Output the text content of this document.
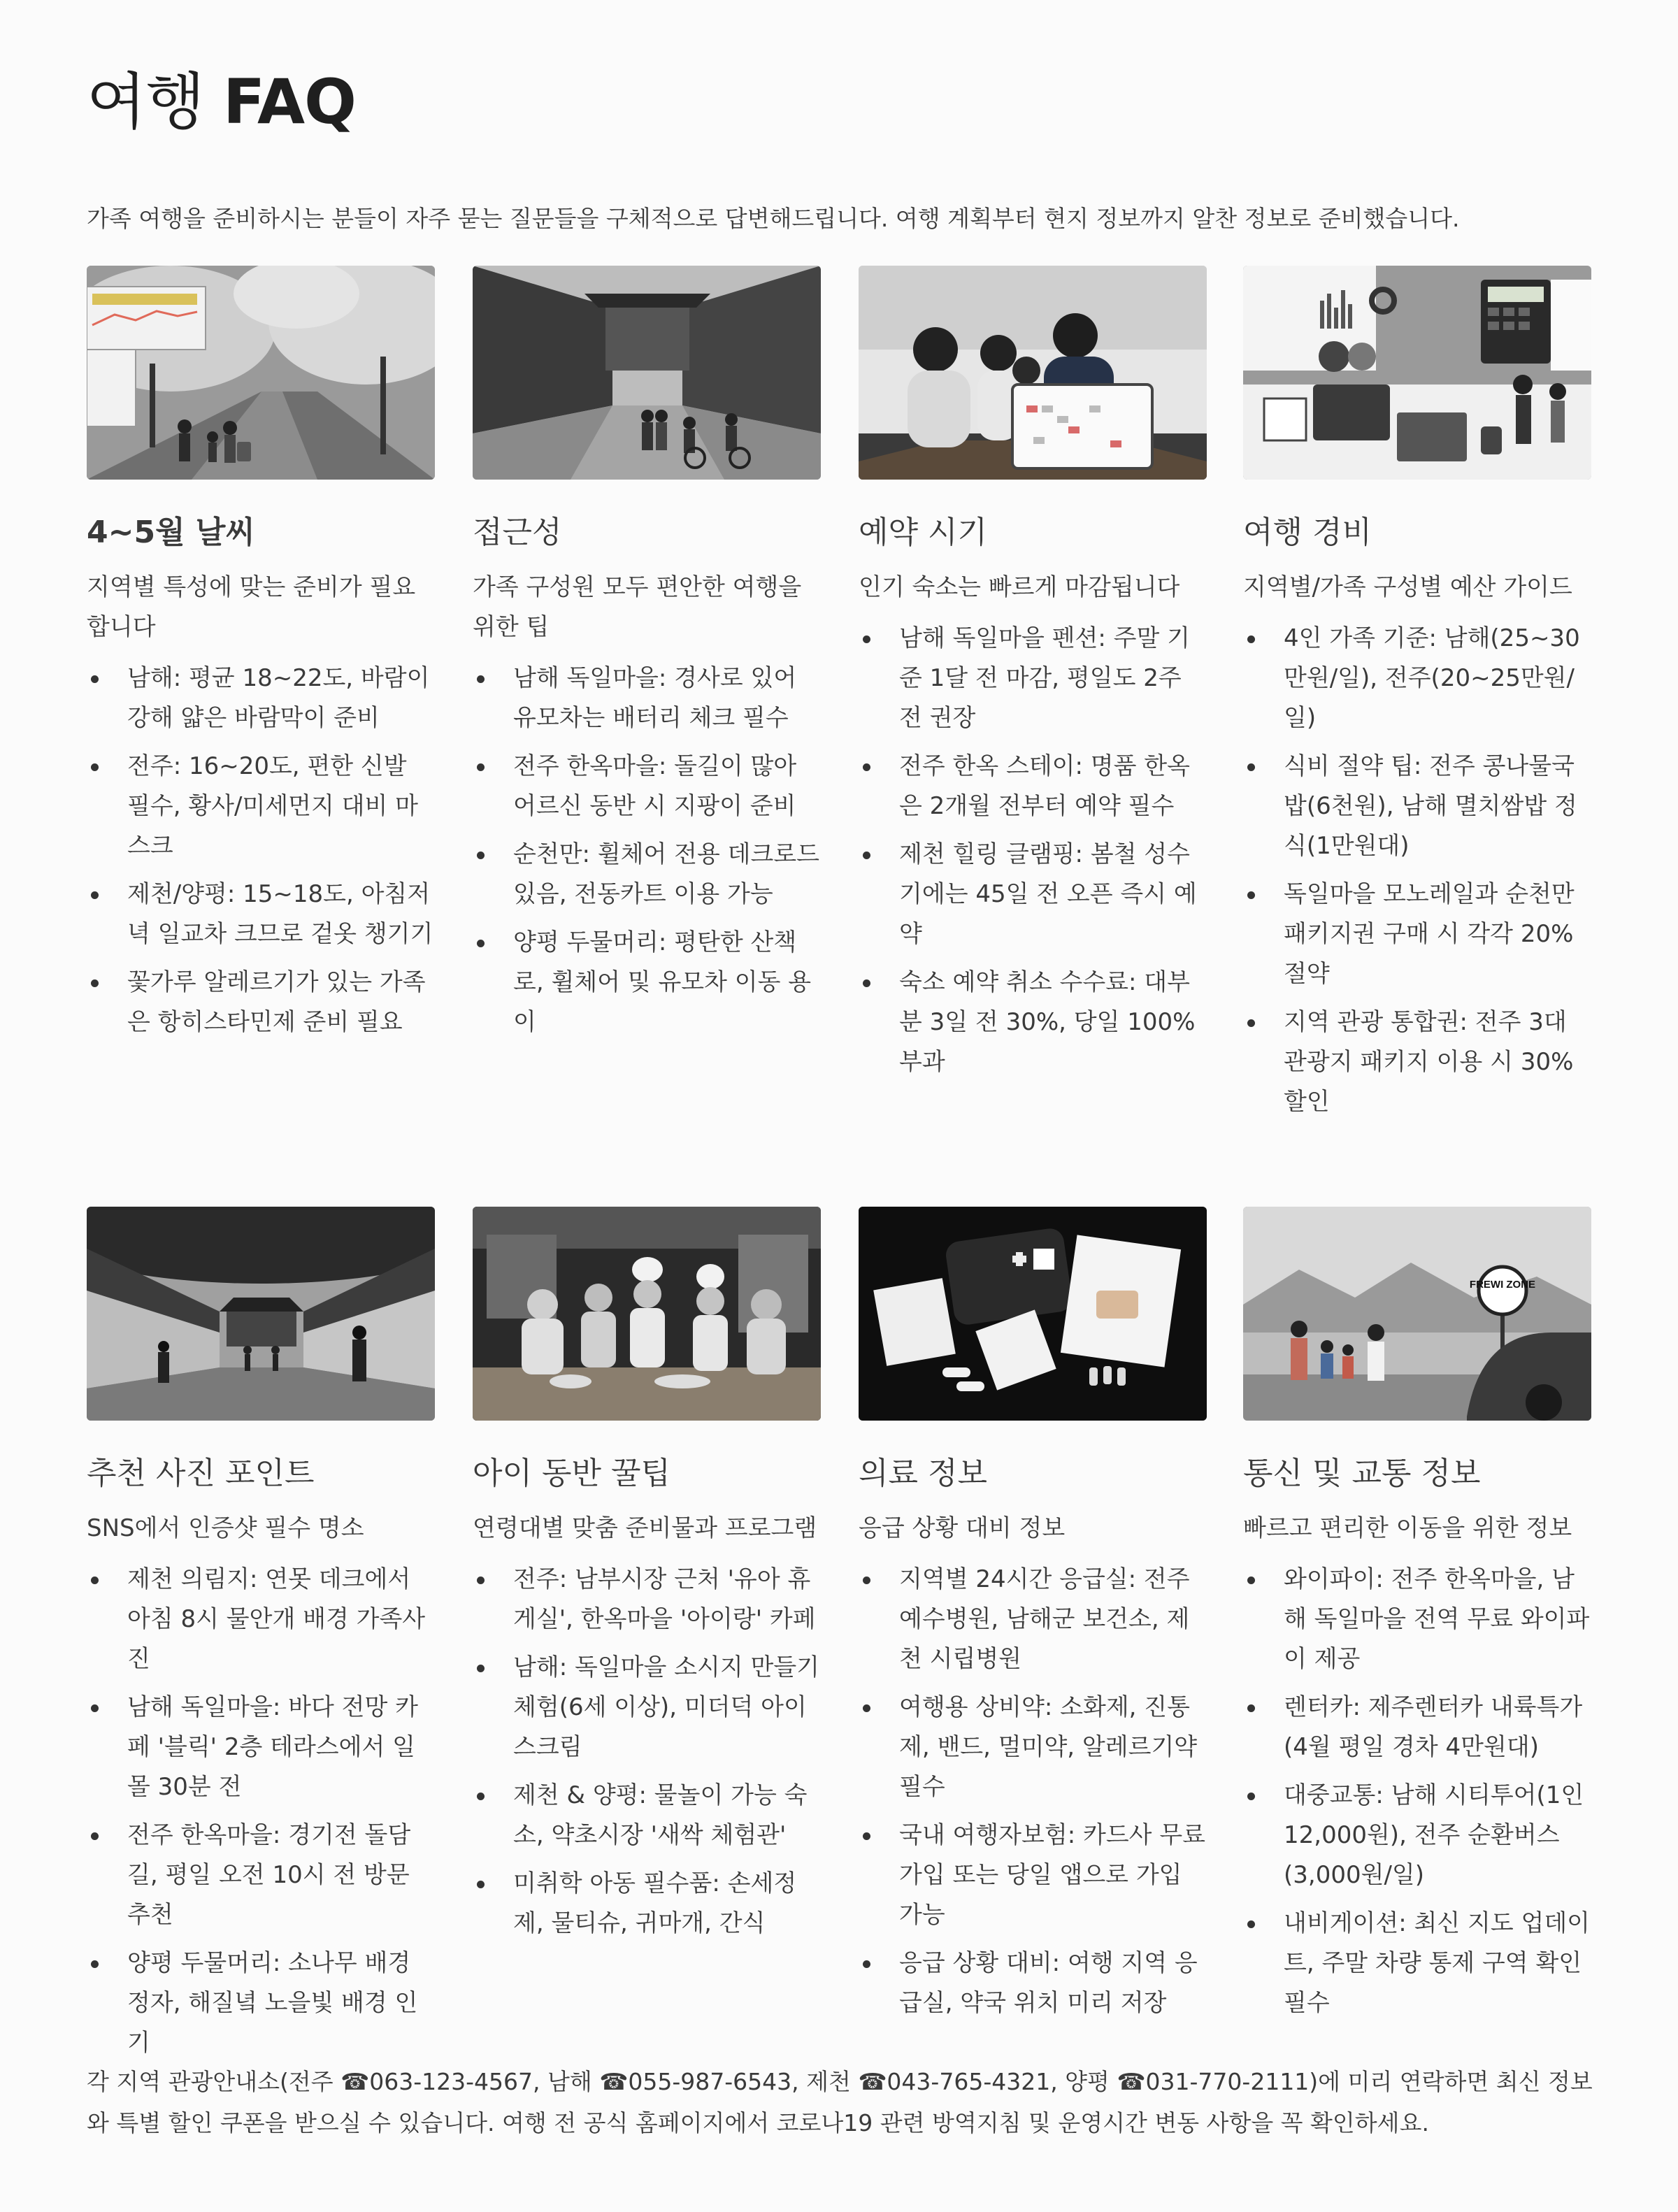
여행 FAQ

가족 여행을 준비하시는 분들이 자주 묻는 질문들을 구체적으로 답변해드립니다. 여행 계획부터 현지 정보까지 알찬 정보로 준비했습니다.

4~5월 날씨

지역별 특성에 맞는 준비가 필요합니다

남해: 평균 18~22도, 바람이 강해 얇은 바람막이 준비
전주: 16~20도, 편한 신발 필수, 황사/미세먼지 대비 마스크
제천/양평: 15~18도, 아침저녁 일교차 크므로 겉옷 챙기기
꽃가루 알레르기가 있는 가족은 항히스타민제 준비 필요
접근성

가족 구성원 모두 편안한 여행을 위한 팁

남해 독일마을: 경사로 있어 유모차는 배터리 체크 필수
전주 한옥마을: 돌길이 많아 어르신 동반 시 지팡이 준비
순천만: 휠체어 전용 데크로드 있음, 전동카트 이용 가능
양평 두물머리: 평탄한 산책로, 휠체어 및 유모차 이동 용이
예약 시기

인기 숙소는 빠르게 마감됩니다

남해 독일마을 펜션: 주말 기준 1달 전 마감, 평일도 2주 전 권장
전주 한옥 스테이: 명품 한옥은 2개월 전부터 예약 필수
제천 힐링 글램핑: 봄철 성수기에는 45일 전 오픈 즉시 예약
숙소 예약 취소 수수료: 대부분 3일 전 30%, 당일 100% 부과
여행 경비

지역별/가족 구성별 예산 가이드

4인 가족 기준: 남해(25~30만원/일), 전주(20~25만원/일)
식비 절약 팁: 전주 콩나물국밥(6천원), 남해 멸치쌈밥 정식(1만원대)
독일마을 모노레일과 순천만 패키지권 구매 시 각각 20% 절약
지역 관광 통합권: 전주 3대 관광지 패키지 이용 시 30% 할인
추천 사진 포인트

SNS에서 인증샷 필수 명소

제천 의림지: 연못 데크에서 아침 8시 물안개 배경 가족사진
남해 독일마을: 바다 전망 카페 '블릭' 2층 테라스에서 일몰 30분 전
전주 한옥마을: 경기전 돌담길, 평일 오전 10시 전 방문 추천
양평 두물머리: 소나무 배경 정자, 해질녘 노을빛 배경 인기
아이 동반 꿀팁

연령대별 맞춤 준비물과 프로그램

전주: 남부시장 근처 '유아 휴게실', 한옥마을 '아이랑' 카페
남해: 독일마을 소시지 만들기 체험(6세 이상), 미더덕 아이스크림
제천 & 양평: 물놀이 가능 숙소, 약초시장 '새싹 체험관'
미취학 아동 필수품: 손세정제, 물티슈, 귀마개, 간식
의료 정보

응급 상황 대비 정보

지역별 24시간 응급실: 전주 예수병원, 남해군 보건소, 제천 시립병원
여행용 상비약: 소화제, 진통제, 밴드, 멀미약, 알레르기약 필수
국내 여행자보험: 카드사 무료 가입 또는 당일 앱으로 가입 가능
응급 상황 대비: 여행 지역 응급실, 약국 위치 미리 저장
FREWI ZONE
통신 및 교통 정보

빠르고 편리한 이동을 위한 정보

와이파이: 전주 한옥마을, 남해 독일마을 전역 무료 와이파이 제공
렌터카: 제주렌터카 내륙특가(4월 평일 경차 4만원대)
대중교통: 남해 시티투어(1인 12,000원), 전주 순환버스(3,000원/일)
내비게이션: 최신 지도 업데이트, 주말 차량 통제 구역 확인 필수

각 지역 관광안내소(전주 ☎063-123-4567, 남해 ☎055-987-6543, 제천 ☎043-765-4321, 양평 ☎031-770-2111)에 미리 연락하면 최신 정보와 특별 할인 쿠폰을 받으실 수 있습니다. 여행 전 공식 홈페이지에서 코로나19 관련 방역지침 및 운영시간 변동 사항을 꼭 확인하세요.
